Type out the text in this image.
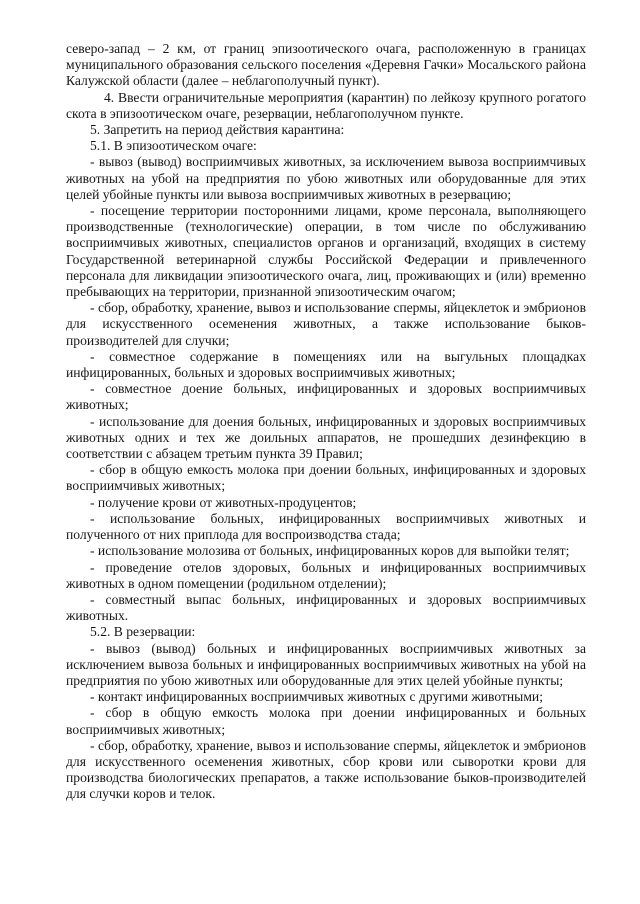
северо-запад – 2 км, от границ эпизоотического очага, расположенную в границах муниципального образования сельского поселения «Деревня Гачки» Мосальского района Калужской области (далее – неблагополучный пункт).

4. Ввести ограничительные мероприятия (карантин) по лейкозу крупного рогатого скота в эпизоотическом очаге, резервации, неблагополучном пункте.

5. Запретить на период действия карантина:

5.1. В эпизоотическом очаге:

- вывоз (вывод) восприимчивых животных, за исключением вывоза восприимчивых животных на убой на предприятия по убою животных или оборудованные для этих целей убойные пункты или вывоза восприимчивых животных в резервацию;

- посещение территории посторонними лицами, кроме персонала, выполняющего производственные (технологические) операции, в том числе по обслуживанию восприимчивых животных, специалистов органов и организаций, входящих в систему Государственной ветеринарной службы Российской Федерации и привлеченного персонала для ликвидации эпизоотического очага, лиц, проживающих и (или) временно пребывающих на территории, признанной эпизоотическим очагом;

- сбор, обработку, хранение, вывоз и использование спермы, яйцеклеток и эмбрионов для искусственного осеменения животных, а также использование быков-производителей для случки;

- совместное содержание в помещениях или на выгульных площадках инфицированных, больных и здоровых восприимчивых животных;

- совместное доение больных, инфицированных и здоровых восприимчивых животных;

- использование для доения больных, инфицированных и здоровых восприимчивых животных одних и тех же доильных аппаратов, не прошедших дезинфекцию в соответствии с абзацем третьим пункта 39 Правил;

- сбор в общую емкость молока при доении больных, инфицированных и здоровых восприимчивых животных;

- получение крови от животных-продуцентов;

- использование больных, инфицированных восприимчивых животных и полученного от них приплода для воспроизводства стада;

- использование молозива от больных, инфицированных коров для выпойки телят;

- проведение отелов здоровых, больных и инфицированных восприимчивых животных в одном помещении (родильном отделении);

- совместный выпас больных, инфицированных и здоровых восприимчивых животных.

5.2. В резервации:

- вывоз (вывод) больных и инфицированных восприимчивых животных за исключением вывоза больных и инфицированных восприимчивых животных на убой на предприятия по убою животных или оборудованные для этих целей убойные пункты;

- контакт инфицированных восприимчивых животных с другими животными;

- сбор в общую емкость молока при доении инфицированных и больных восприимчивых животных;

- сбор, обработку, хранение, вывоз и использование спермы, яйцеклеток и эмбрионов для искусственного осеменения животных, сбор крови или сыворотки крови для производства биологических препаратов, а также использование быков-производителей для случки коров и телок.
